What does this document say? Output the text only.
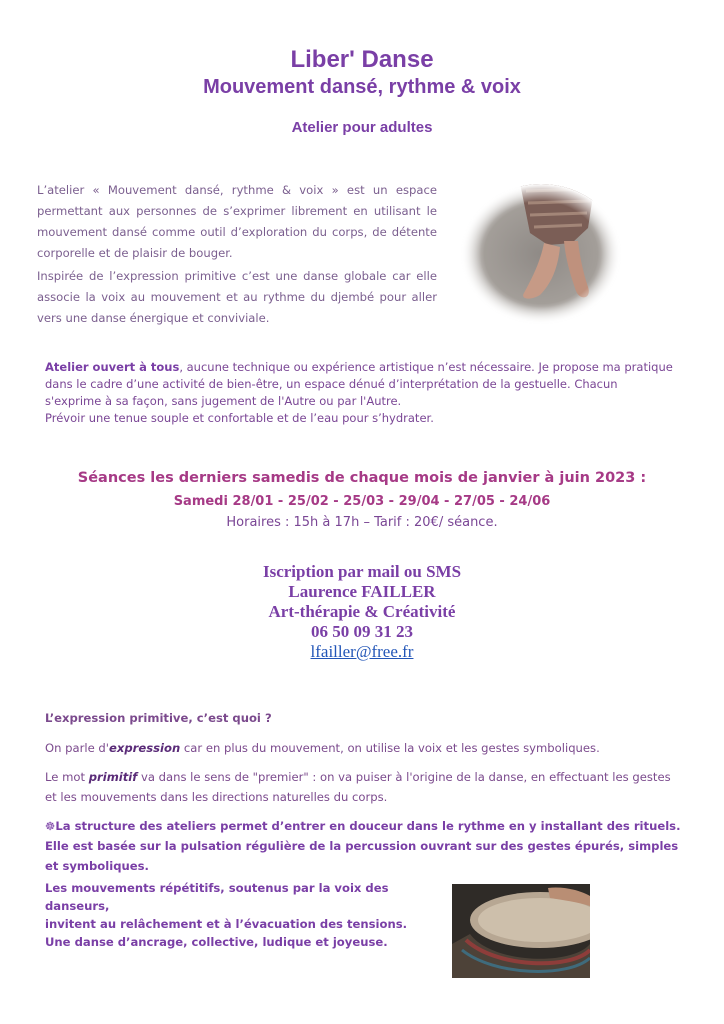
Liber' Danse
Mouvement dansé, rythme & voix
Atelier pour adultes
L’atelier « Mouvement dansé, rythme & voix » est un espace permettant aux personnes de s’exprimer librement en utilisant le mouvement dansé comme outil d’exploration du corps, de détente corporelle et de plaisir de bouger.
Inspirée de l’expression primitive c’est une danse globale car elle associe la voix au mouvement et au rythme du djembé pour aller vers une danse énergique et conviviale.
Atelier ouvert à tous, aucune technique ou expérience artistique n’est nécessaire. Je propose ma pratique dans le cadre d’une activité de bien-être, un espace dénué d’interprétation de la gestuelle. Chacun s'exprime à sa façon, sans jugement de l'Autre ou par l'Autre.
Prévoir une tenue souple et confortable et de l’eau pour s’hydrater.
Séances les derniers samedis de chaque mois de janvier à juin 2023 :
Samedi 28/01 - 25/02 - 25/03 - 29/04 - 27/05 - 24/06
Horaires : 15h à 17h – Tarif : 20€/ séance.
Iscription par mail ou SMS
Laurence FAILLER
Art-thérapie & Créativité
06 50 09 31 23
lfailler@free.fr
L’expression primitive, c’est quoi ?
On parle d'expression car en plus du mouvement, on utilise la voix et les gestes symboliques.
Le mot primitif va dans le sens de "premier" : on va puiser à l'origine de la danse, en effectuant les gestes et les mouvements dans les directions naturelles du corps.
☸La structure des ateliers permet d’entrer en douceur dans le rythme en y installant des rituels. Elle est basée sur la pulsation régulière de la percussion ouvrant sur des gestes épurés, simples et symboliques.
Les mouvements répétitifs, soutenus par la voix des danseurs,
invitent au relâchement et à l’évacuation des tensions.
Une danse d’ancrage, collective, ludique et joyeuse.
